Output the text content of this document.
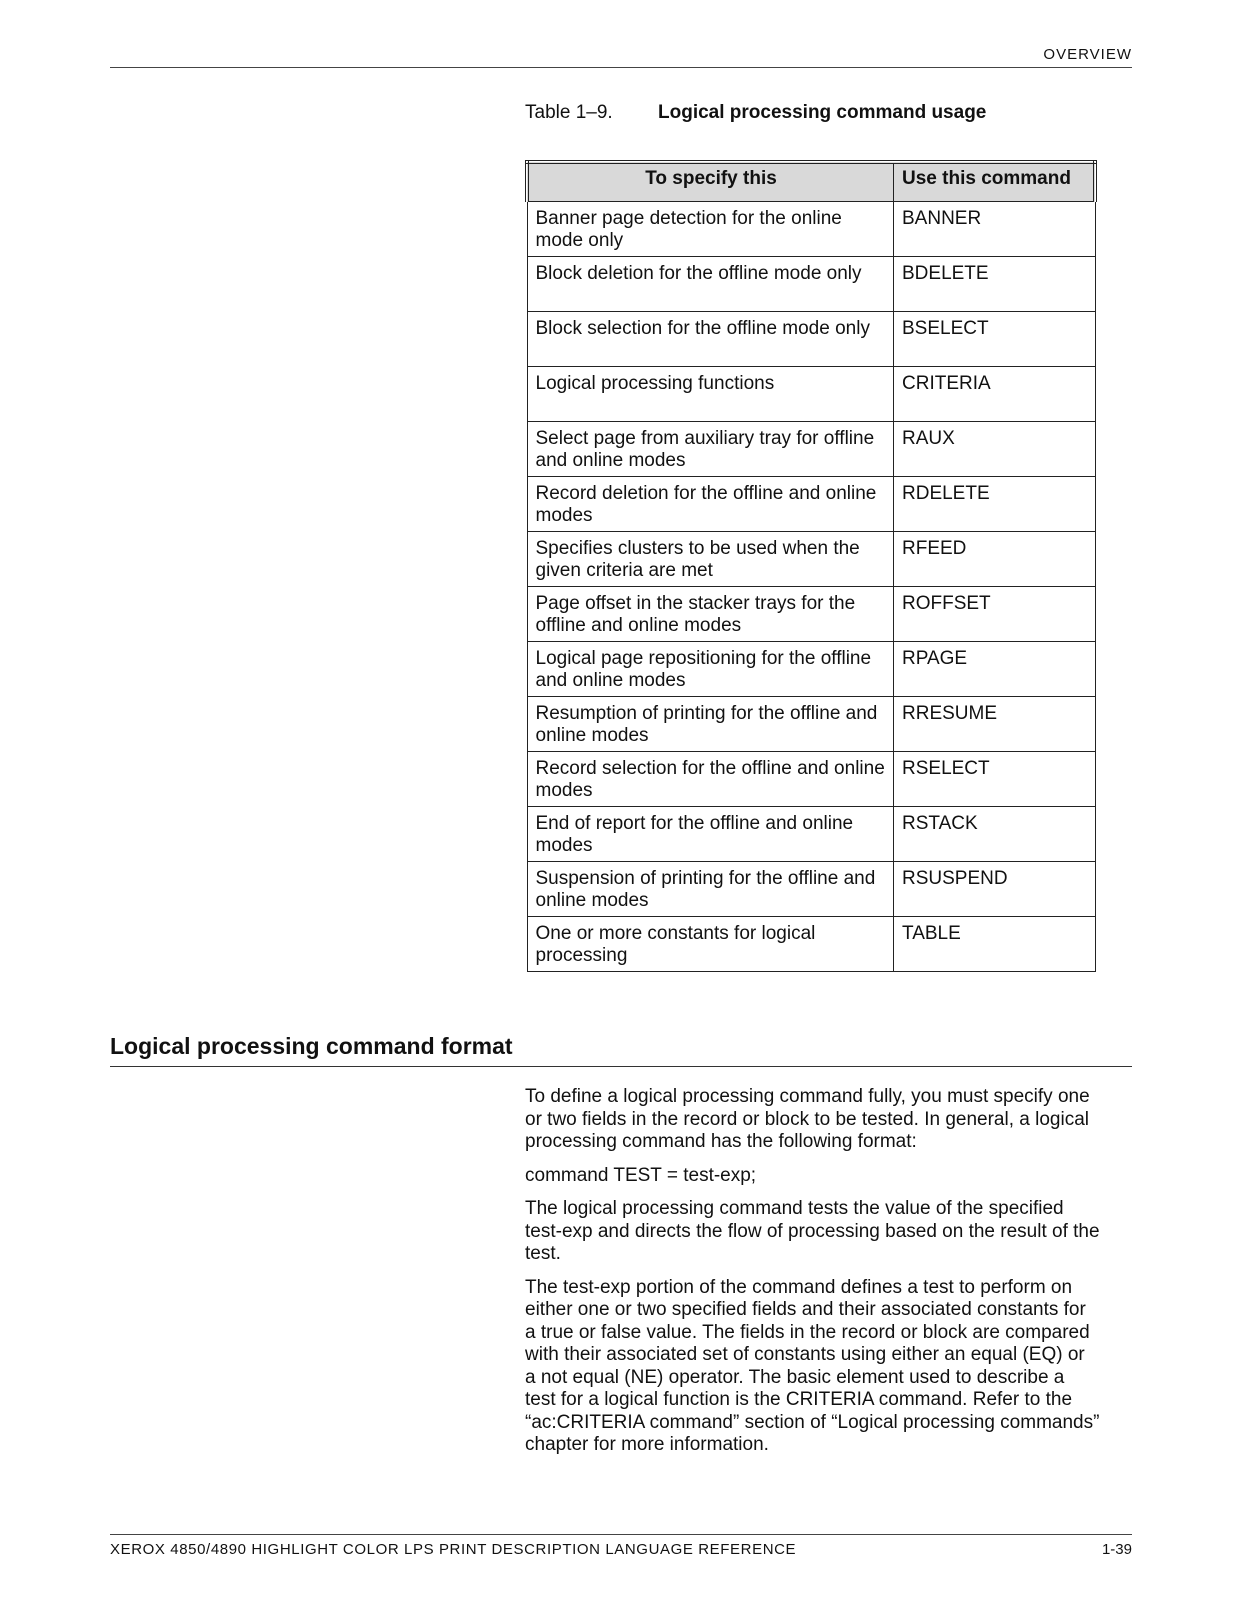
OVERVIEW
Table 1–9. Logical processing command usage
To specify this	Use this command
Banner page detection for the online mode only	BANNER
Block deletion for the offline mode only	BDELETE
Block selection for the offline mode only	BSELECT
Logical processing functions	CRITERIA
Select page from auxiliary tray for offline and online modes	RAUX
Record deletion for the offline and online modes	RDELETE
Specifies clusters to be used when the given criteria are met	RFEED
Page offset in the stacker trays for the offline and online modes	ROFFSET
Logical page repositioning for the offline and online modes	RPAGE
Resumption of printing for the offline and online modes	RRESUME
Record selection for the offline and online modes	RSELECT
End of report for the offline and online modes	RSTACK
Suspension of printing for the offline and online modes	RSUSPEND
One or more constants for logical processing	TABLE
Logical processing command format

To define a logical processing command fully, you must specify one or two fields in the record or block to be tested. In general, a logical processing command has the following format:

command TEST = test-exp;

The logical processing command tests the value of the specified test-exp and directs the flow of processing based on the result of the test.

The test-exp portion of the command defines a test to perform on either one or two specified fields and their associated constants for a true or false value. The fields in the record or block are compared with their associated set of constants using either an equal (EQ) or a not equal (NE) operator. The basic element used to describe a test for a logical function is the CRITERIA command. Refer to the “ac:CRITERIA command” section of “Logical processing commands” chapter for more information.

XEROX 4850/4890 HIGHLIGHT COLOR LPS PRINT DESCRIPTION LANGUAGE REFERENCE	1-39
